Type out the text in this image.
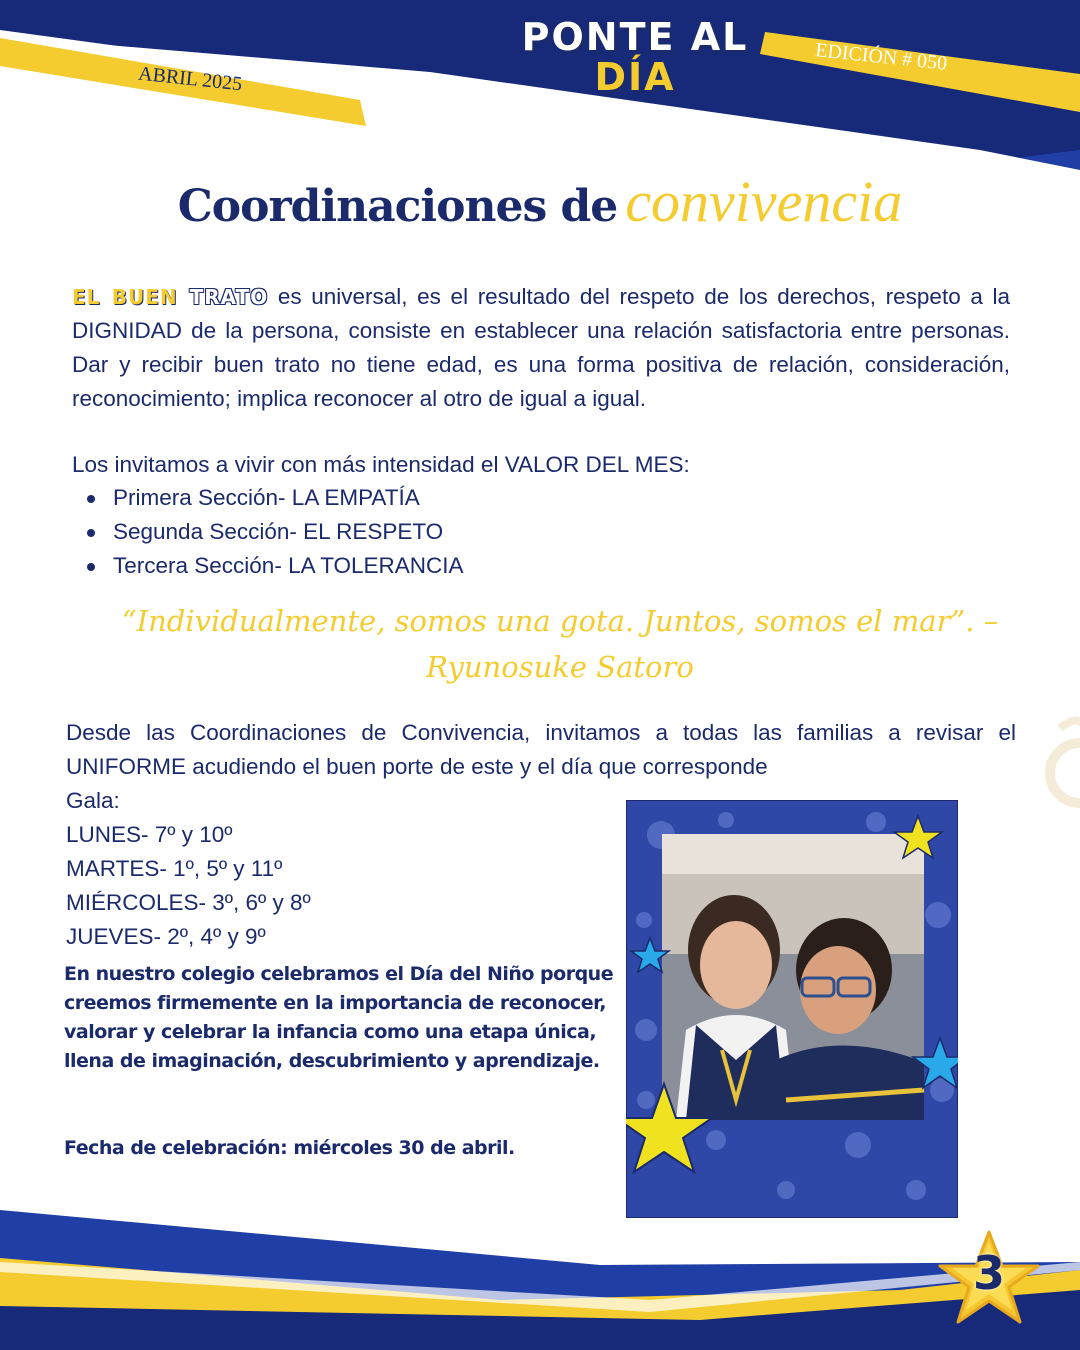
PONTE AL
DÍA
ABRIL 2025
EDICIÓN # 050
Coordinaciones de convivencia

EL BUEN TRATO es universal, es el resultado del respeto de los derechos, respeto a la DIGNIDAD de la persona, consiste en establecer una relación satisfactoria entre personas. Dar y recibir buen trato no tiene edad, es una forma positiva de relación, consideración, reconocimiento; implica reconocer al otro de igual a igual.

Los invitamos a vivir con más intensidad el VALOR DEL MES:

Primera Sección- LA EMPATÍA
Segunda Sección- EL RESPETO
Tercera Sección- LA TOLERANCIA
“Individualmente, somos una gota. Juntos, somos el mar”. –
Ryunosuke Satoro

Desde las Coordinaciones de Convivencia, invitamos a todas las familias a revisar el UNIFORME acudiendo el buen porte de este y el día que corresponde

Gala:
LUNES- 7º y 10º
MARTES- 1º, 5º y 11º
MIÉRCOLES- 3º, 6º y 8º
JUEVES- 2º, 4º y 9º

En nuestro colegio celebramos el Día del Niño porque creemos firmemente en la importancia de reconocer, valorar y celebrar la infancia como una etapa única, llena de imaginación, descubrimiento y aprendizaje.

Fecha de celebración: miércoles 30 de abril.

3
